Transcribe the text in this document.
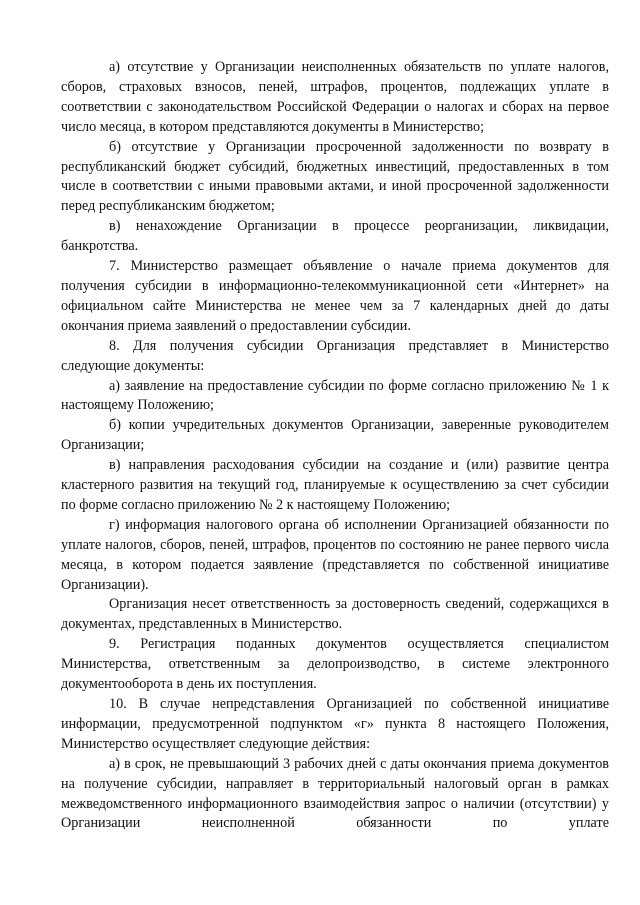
а) отсутствие у Организации неисполненных обязательств по уплате налогов, сборов, страховых взносов, пеней, штрафов, процентов, подлежащих уплате в соответствии с законодательством Российской Федерации о налогах и сборах на первое число месяца, в котором представляются документы в Министерство;

б) отсутствие у Организации просроченной задолженности по возврату в республиканский бюджет субсидий, бюджетных инвестиций, предоставленных в том числе в соответствии с иными правовыми актами, и иной просроченной задолженности перед республиканским бюджетом;

в) ненахождение Организации в процессе реорганизации, ликвидации, банкротства.

7. Министерство размещает объявление о начале приема документов для получения субсидии в информационно-телекоммуникационной сети «Интернет» на официальном сайте Министерства не менее чем за 7 календарных дней до даты окончания приема заявлений о предоставлении субсидии.

8. Для получения субсидии Организация представляет в Министерство следующие документы:

а) заявление на предоставление субсидии по форме согласно приложению № 1 к настоящему Положению;

б) копии учредительных документов Организации, заверенные руководителем Организации;

в) направления расходования субсидии на создание и (или) развитие центра кластерного развития на текущий год, планируемые к осуществлению за счет субсидии по форме согласно приложению № 2 к настоящему Положению;

г) информация налогового органа об исполнении Организацией обязанности по уплате налогов, сборов, пеней, штрафов, процентов по состоянию не ранее первого числа месяца, в котором подается заявление (представляется по собственной инициативе Организации).

Организация несет ответственность за достоверность сведений, содержащихся в документах, представленных в Министерство.

9. Регистрация поданных документов осуществляется специалистом Министерства, ответственным за делопроизводство, в системе электронного документооборота в день их поступления.

10. В случае непредставления Организацией по собственной инициативе информации, предусмотренной подпунктом «г» пункта 8 настоящего Положения, Министерство осуществляет следующие действия:

а) в срок, не превышающий 3 рабочих дней с даты окончания приема документов на получение субсидии, направляет в территориальный налоговый орган в рамках межведомственного информационного взаимодействия запрос о наличии (отсутствии) у Организации неисполненной обязанности по уплате
